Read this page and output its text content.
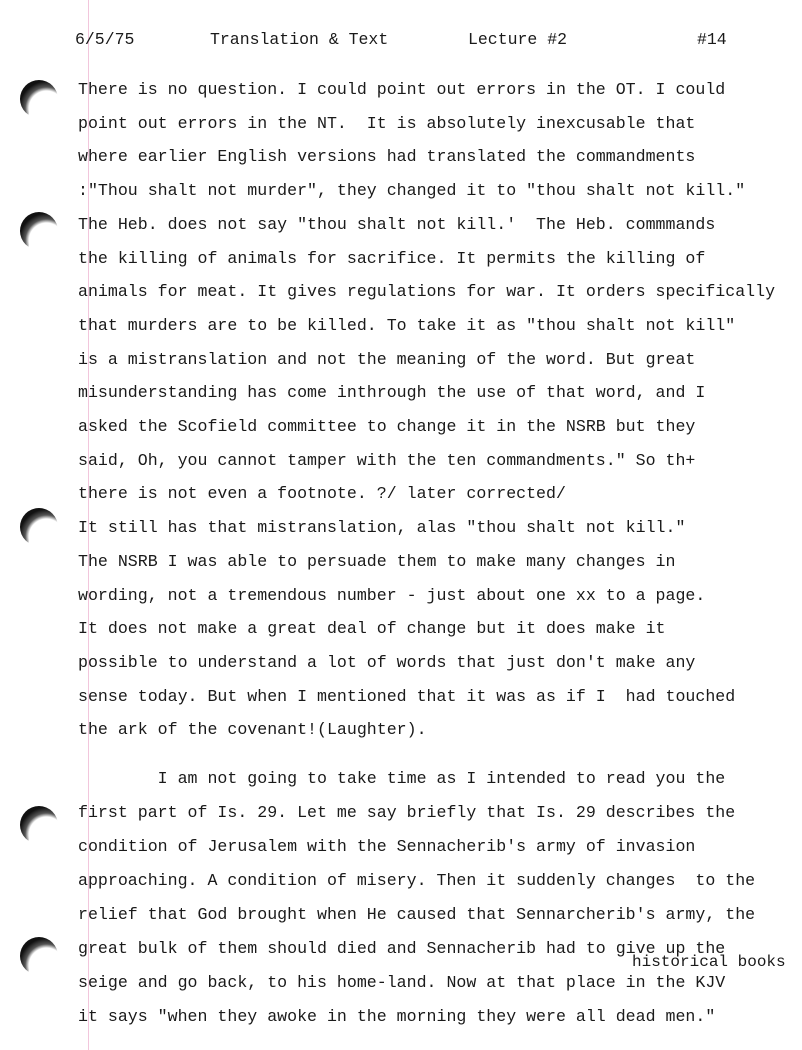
6/5/75	Translation & Text	Lecture #2	#14
There is no question. I could point out errors in the OT. I could
point out errors in the NT.  It is absolutely inexcusable that
where earlier English versions had translated the commandments
:"Thou shalt not murder", they changed it to "thou shalt not kill."
The Heb. does not say "thou shalt not kill.'  The Heb. commmands
the killing of animals for sacrifice. It permits the killing of
animals for meat. It gives regulations for war. It orders specifically
that murders are to be killed. To take it as "thou shalt not kill"
is a mistranslation and not the meaning of the word. But great
misunderstanding has come inthrough the use of that word, and I
asked the Scofield committee to change it in the NSRB but they
said, Oh, you cannot tamper with the ten commandments." So th+
there is not even a footnote. ?/ later corrected/
It still has that mistranslation, alas "thou shalt not kill."
The NSRB I was able to persuade them to make many changes in
wording, not a tremendous number - just about one xx to a page.
It does not make a great deal of change but it does make it
possible to understand a lot of words that just don't make any
sense today. But when I mentioned that it was as if I  had touched
the ark of the covenant!(Laughter).
I am not going to take time as I intended to read you the
first part of Is. 29. Let me say briefly that Is. 29 describes the
condition of Jerusalem with the Sennacherib's army of invasion
approaching. A condition of misery. Then it suddenly changes  to the
relief that God brought when He caused that Sennarcherib's army, the
great bulk of them should died and Sennacherib had to give up the
seige and go back, to his home-land. Now at that place in the KJV
it says "when they awoke in the morning they were all dead men."
historical books
